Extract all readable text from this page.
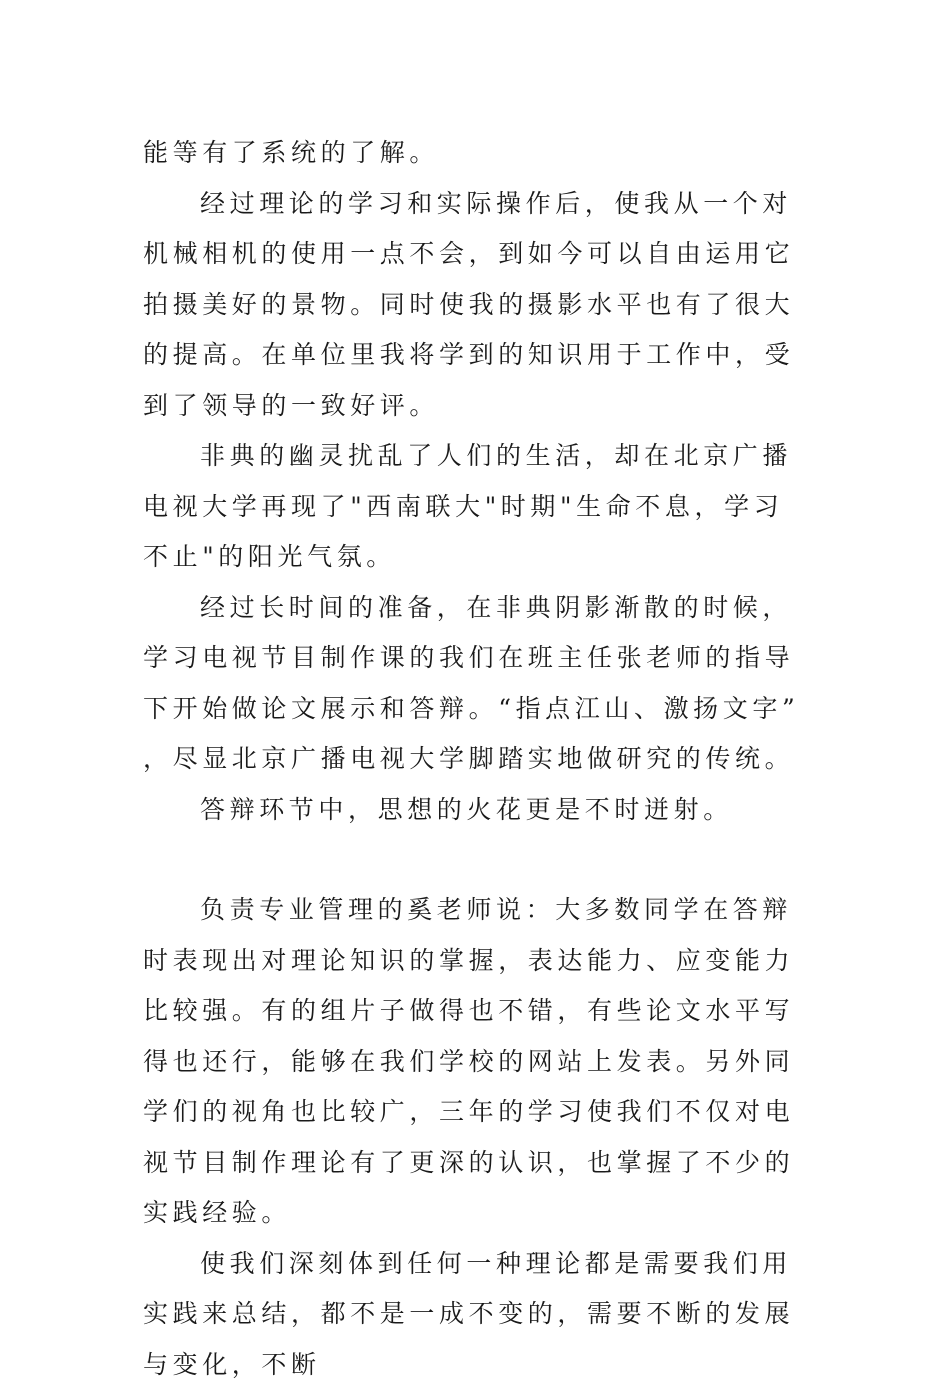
能等有了系统的了解。

经过理论的学习和实际操作后，使我从一个对机械相机的使用一点不会，到如今可以自由运用它拍摄美好的景物。同时使我的摄影水平也有了很大的提高。在单位里我将学到的知识用于工作中，受到了领导的一致好评。

非典的幽灵扰乱了人们的生活，却在北京广播电视大学再现了"西南联大"时期"生命不息，学习不止"的阳光气氛。

经过长时间的准备，在非典阴影渐散的时候，学习电视节目制作课的我们在班主任张老师的指导下开始做论文展示和答辩。“指点江山、激扬文字”，尽显北京广播电视大学脚踏实地做研究的传统。

答辩环节中，思想的火花更是不时迸射。

负责专业管理的奚老师说：大多数同学在答辩时表现出对理论知识的掌握，表达能力、应变能力比较强。有的组片子做得也不错，有些论文水平写得也还行，能够在我们学校的网站上发表。另外同学们的视角也比较广，三年的学习使我们不仅对电视节目制作理论有了更深的认识，也掌握了不少的实践经验。

使我们深刻体到任何一种理论都是需要我们用实践来总结，都不是一成不变的，需要不断的发展与变化，不断
